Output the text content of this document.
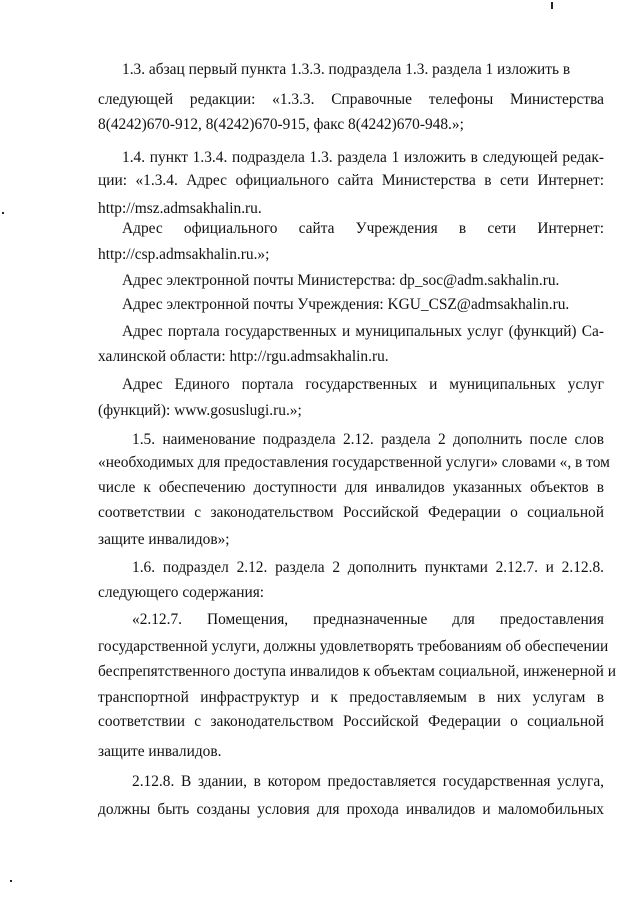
1.3. абзац первый пункта 1.3.3. подраздела 1.3. раздела 1 изложить в
следующей редакции: «1.3.3. Справочные телефоны Министерства
8(4242)670-912, 8(4242)670-915, факс 8(4242)670-948.»;
1.4. пункт 1.3.4. подраздела 1.3. раздела 1 изложить в следующей редак-
ции: «1.3.4. Адрес официального сайта Министерства в сети Интернет:
http://msz.admsakhalin.ru.
Адрес официального сайта Учреждения в сети Интернет:
http://csp.admsakhalin.ru.»;
Адрес электронной почты Министерства: dp_soc@adm.sakhalin.ru.
Адрес электронной почты Учреждения: KGU_CSZ@admsakhalin.ru.
Адрес портала государственных и муниципальных услуг (функций) Са-
халинской области: http://rgu.admsakhalin.ru.
Адрес Единого портала государственных и муниципальных услуг
(функций): www.gosuslugi.ru.»;
1.5. наименование подраздела 2.12. раздела 2 дополнить после слов
«необходимых для предоставления государственной услуги» словами «, в том
числе к обеспечению доступности для инвалидов указанных объектов в
соответствии с законодательством Российской Федерации о социальной
защите инвалидов»;
1.6. подраздел 2.12. раздела 2 дополнить пунктами 2.12.7. и 2.12.8.
следующего содержания:
«2.12.7. Помещения, предназначенные для предоставления
государственной услуги, должны удовлетворять требованиям об обеспечении
беспрепятственного доступа инвалидов к объектам социальной, инженерной и
транспортной инфраструктур и к предоставляемым в них услугам в
соответствии с законодательством Российской Федерации о социальной
защите инвалидов.
2.12.8. В здании, в котором предоставляется государственная услуга,
должны быть созданы условия для прохода инвалидов и маломобильных
